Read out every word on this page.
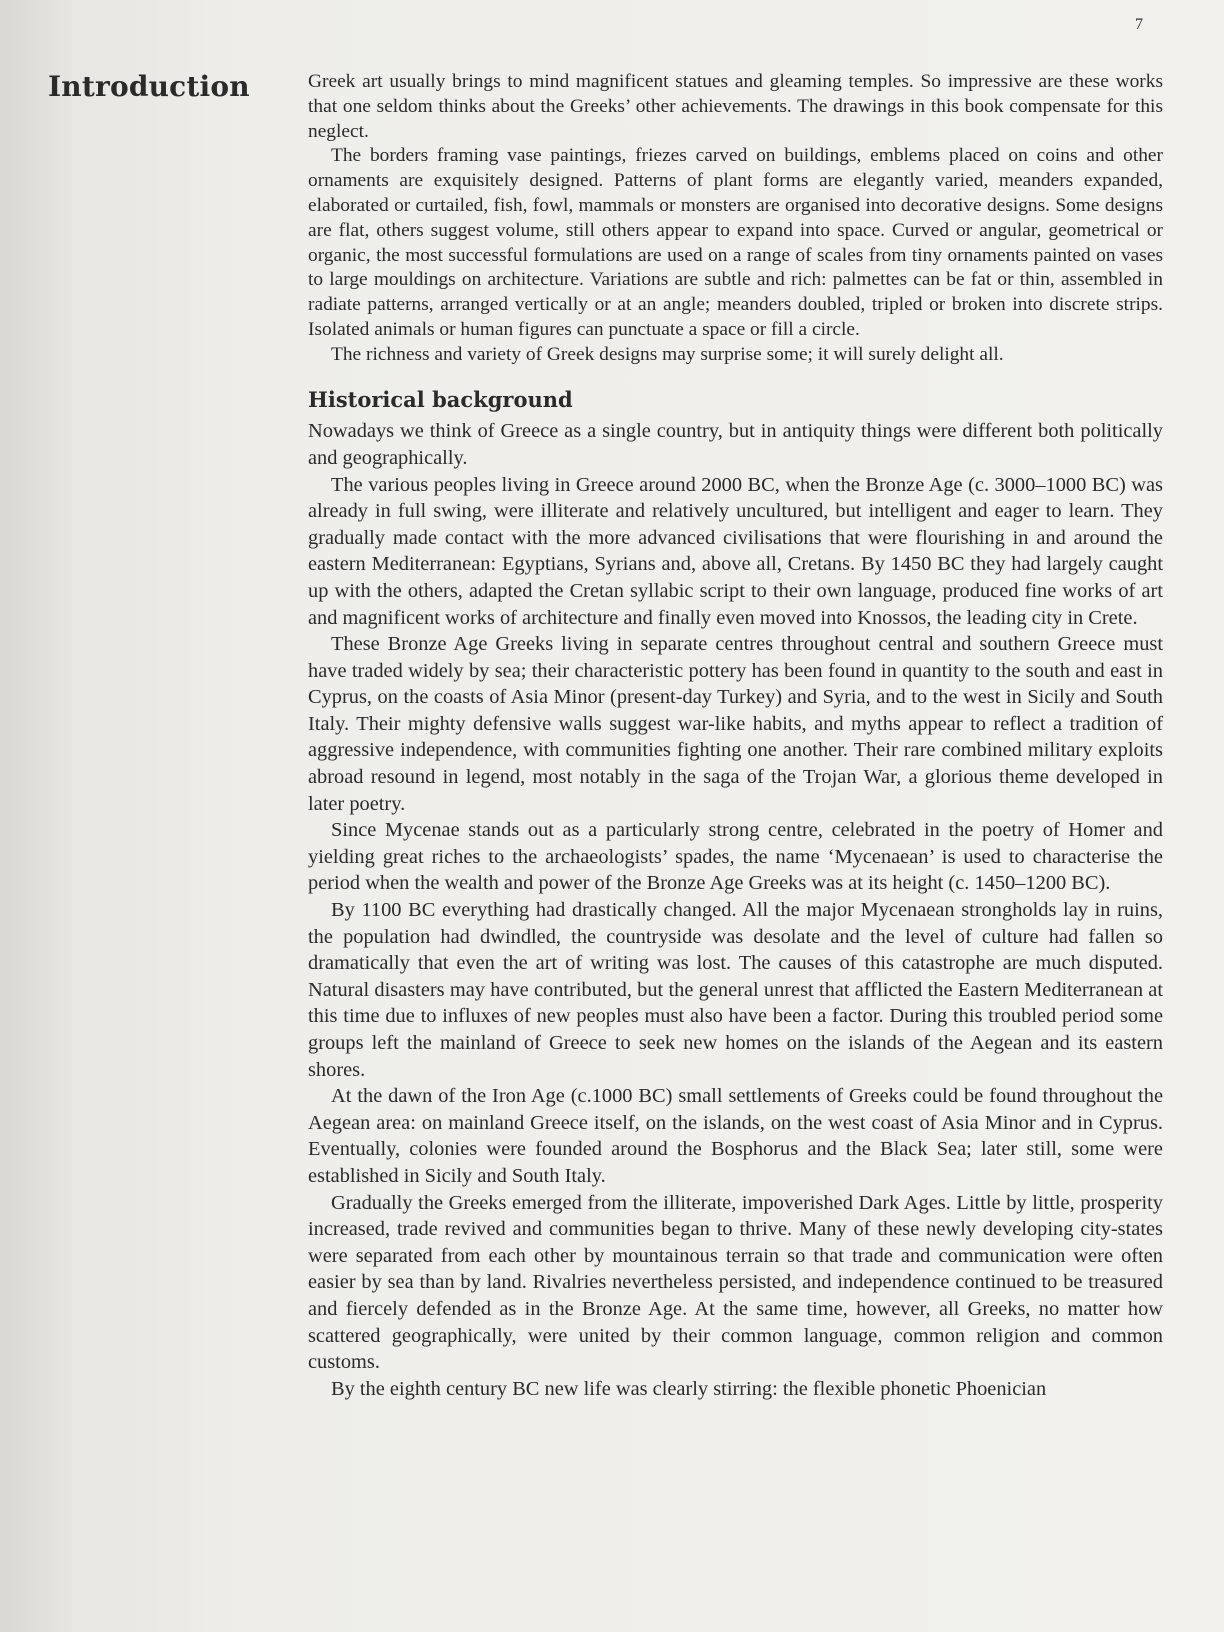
7
Introduction	Greek art usually brings to mind magnificent statues and gleaming temples. So impressive are these works that one seldom thinks about the Greeks’ other achievements. The drawings in this book compensate for this neglect.

The borders framing vase paintings, friezes carved on buildings, emblems placed on coins and other ornaments are exquisitely designed. Patterns of plant forms are elegantly varied, meanders expanded, elaborated or curtailed, fish, fowl, mammals or monsters are organised into decorative designs. Some designs are flat, others suggest volume, still others appear to expand into space. Curved or angular, geometrical or organic, the most successful formulations are used on a range of scales from tiny ornaments painted on vases to large mouldings on architecture. Variations are subtle and rich: palmettes can be fat or thin, assembled in radiate patterns, arranged vertically or at an angle; meanders doubled, tripled or broken into discrete strips. Isolated animals or human figures can punctuate a space or fill a circle.

The richness and variety of Greek designs may surprise some; it will surely delight all.

Historical background

Nowadays we think of Greece as a single country, but in antiquity things were different both politically and geographically.

The various peoples living in Greece around 2000 BC, when the Bronze Age (c. 3000–1000 BC) was already in full swing, were illiterate and relatively uncultured, but intelligent and eager to learn. They gradually made contact with the more advanced civilisations that were flourishing in and around the eastern Mediterranean: Egyptians, Syrians and, above all, Cretans. By 1450 BC they had largely caught up with the others, adapted the Cretan syllabic script to their own language, produced fine works of art and magnificent works of architecture and finally even moved into Knossos, the leading city in Crete.

These Bronze Age Greeks living in separate centres throughout central and southern Greece must have traded widely by sea; their characteristic pottery has been found in quantity to the south and east in Cyprus, on the coasts of Asia Minor (present-day Turkey) and Syria, and to the west in Sicily and South Italy. Their mighty defensive walls suggest war-like habits, and myths appear to reflect a tradition of aggressive independence, with communities fighting one another. Their rare combined military exploits abroad resound in legend, most notably in the saga of the Trojan War, a glorious theme developed in later poetry.

Since Mycenae stands out as a particularly strong centre, celebrated in the poetry of Homer and yielding great riches to the archaeologists’ spades, the name ‘Mycenaean’ is used to characterise the period when the wealth and power of the Bronze Age Greeks was at its height (c. 1450–1200 BC).

By 1100 BC everything had drastically changed. All the major Mycenaean strongholds lay in ruins, the population had dwindled, the countryside was desolate and the level of culture had fallen so dramatically that even the art of writing was lost. The causes of this catastrophe are much disputed. Natural disasters may have contributed, but the general unrest that afflicted the Eastern Mediterranean at this time due to influxes of new peoples must also have been a factor. During this troubled period some groups left the mainland of Greece to seek new homes on the islands of the Aegean and its eastern shores.

At the dawn of the Iron Age (c.1000 BC) small settlements of Greeks could be found throughout the Aegean area: on mainland Greece itself, on the islands, on the west coast of Asia Minor and in Cyprus. Eventually, colonies were founded around the Bosphorus and the Black Sea; later still, some were established in Sicily and South Italy.

Gradually the Greeks emerged from the illiterate, impoverished Dark Ages. Little by little, prosperity increased, trade revived and communities began to thrive. Many of these newly developing city-states were separated from each other by mountainous terrain so that trade and communication were often easier by sea than by land. Rivalries nevertheless persisted, and independence continued to be treasured and fiercely defended as in the Bronze Age. At the same time, however, all Greeks, no matter how scattered geographically, were united by their common language, common religion and common customs.

By the eighth century BC new life was clearly stirring: the flexible phonetic Phoenician
